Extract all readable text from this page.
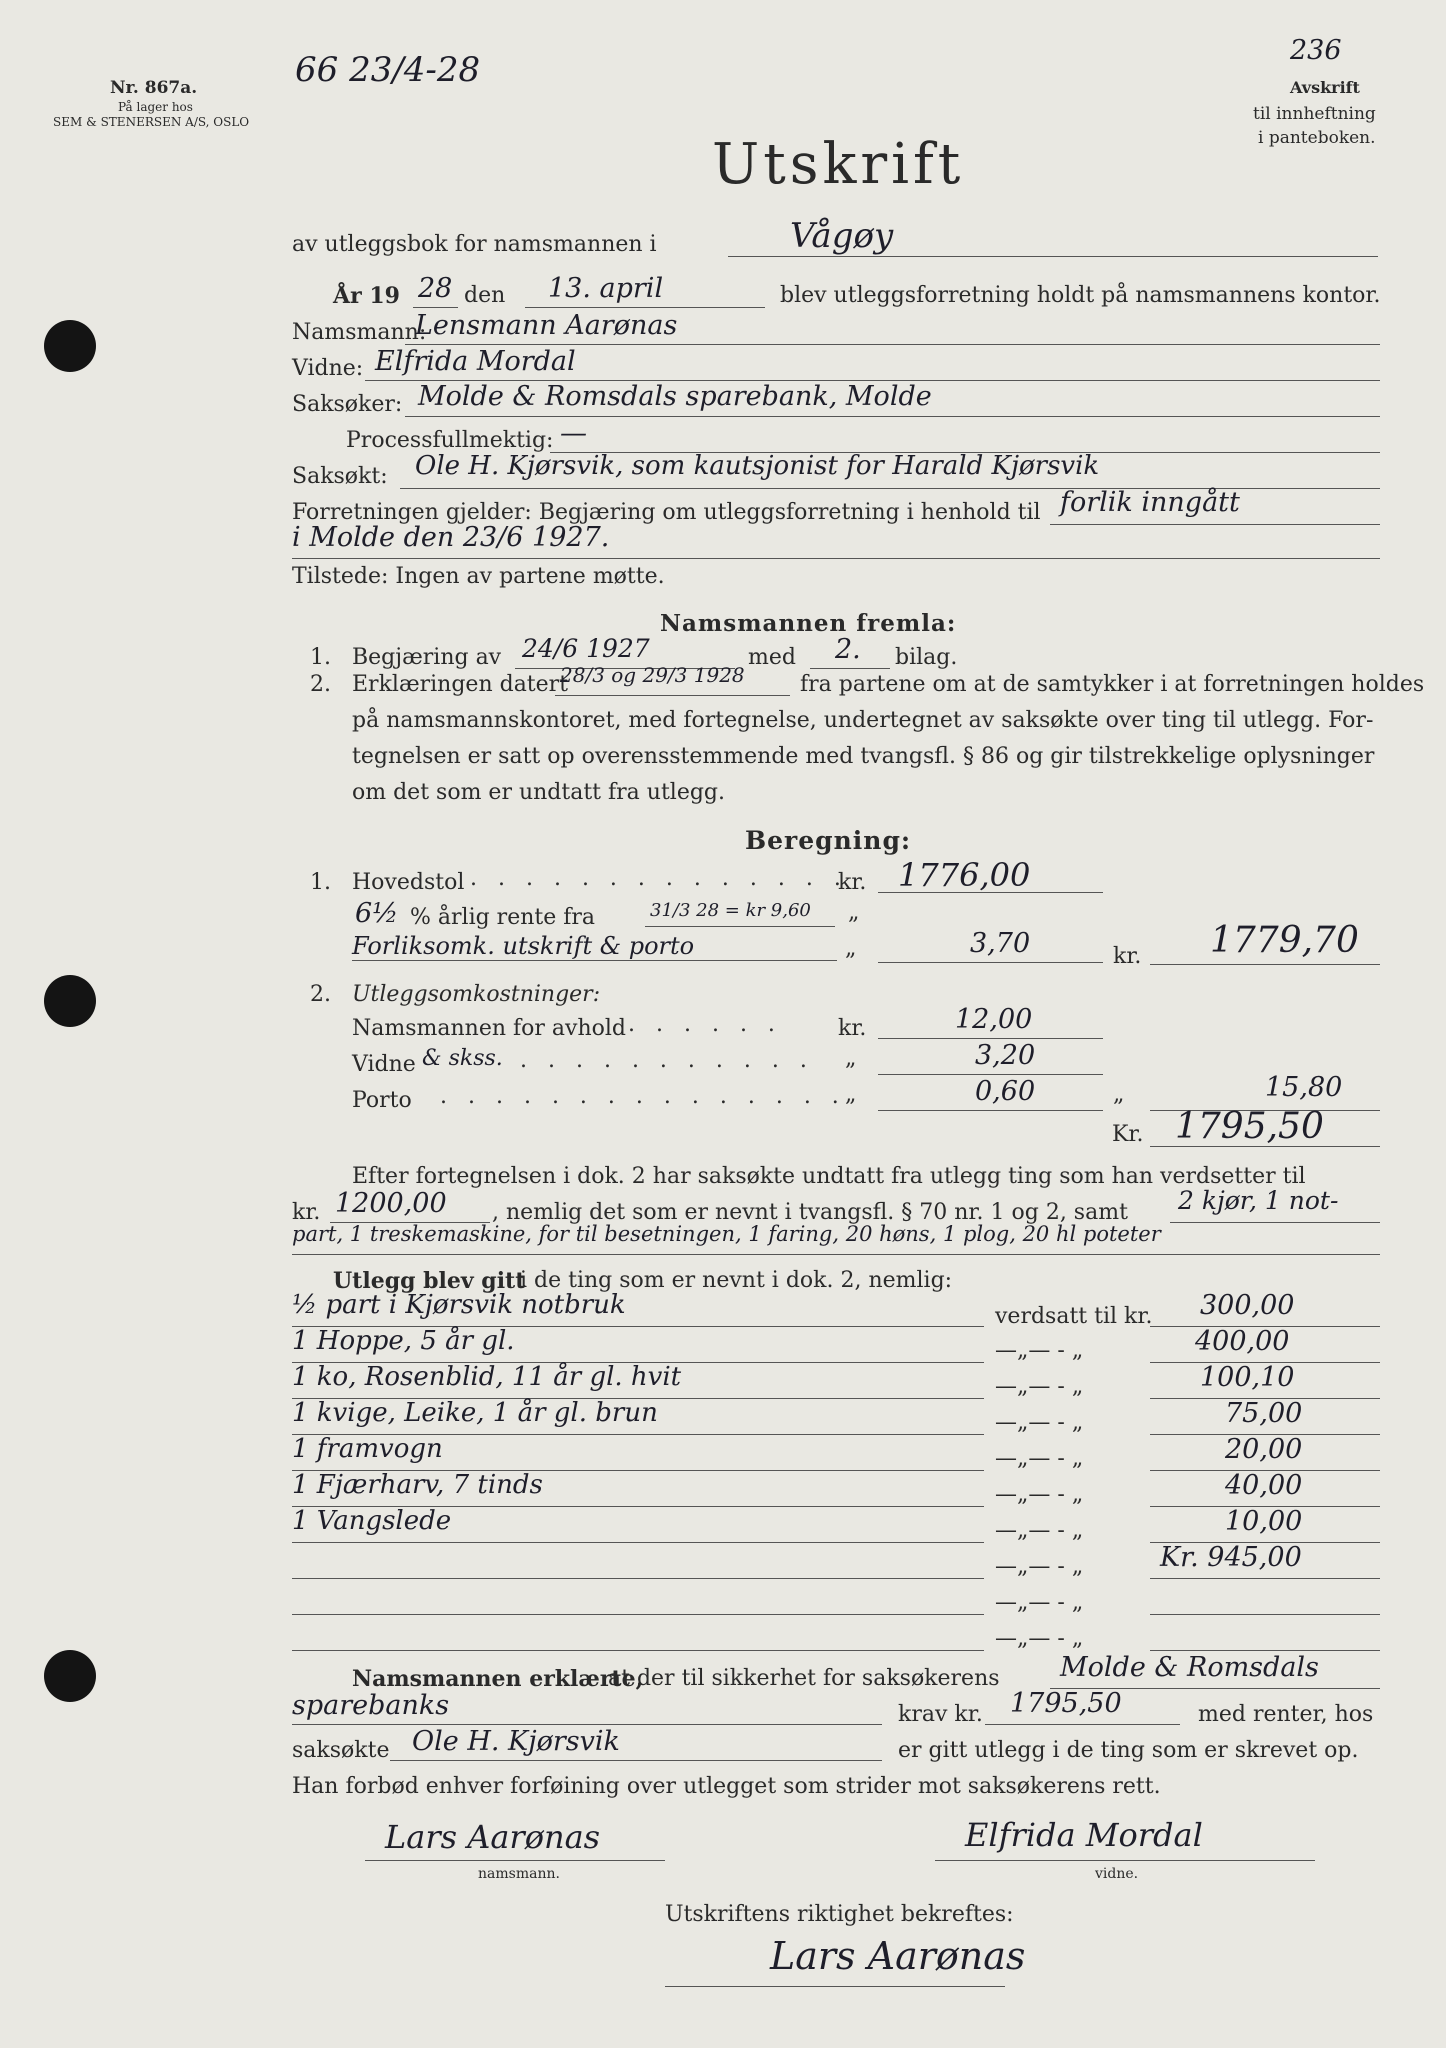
Nr. 867a.
På lager hos
SEM & STENERSEN A/S, OSLO
66 23/4-28	236
Avskrift
til innheftning
i panteboken.
Utskrift
av utleggsbok for namsmannen i	Vågøy
År 19 28 den 13. april	blev utleggsforretning holdt på namsmannens kontor.
Namsmann:
Lensmann Aarønas
Vidne: Elfrida Mordal
Saksøker: Molde & Romsdals sparebank, Molde
Processfullmektig: —
Saksøkt: Ole H. Kjørsvik, som kautsjonist for Harald Kjørsvik
Forretningen gjelder: Begjæring om utleggsforretning i henhold til forlik inngått
i Molde den 23/6 1927.
Tilstede: Ingen av partene møtte.
Namsmannen fremla:
1. Begjæring av 24/6 1927	med 2. bilag.
2. Erklæringen datert
28/3 og 29/3 1928	fra partene om at de samtykker i at forretningen holdes
på namsmannskontoret, med fortegnelse, undertegnet av saksøkte over ting til utlegg. For-
tegnelsen er satt op overensstemmende med tvangsfl. § 86 og gir tilstrekkelige oplysninger
om det som er undtatt fra utlegg.
Beregning:
1. Hovedstol . . . . . . . . . . . . . .
kr. 1776,00
6½ % årlig rente fra	31/3 28 = kr 9,60 „
Forliksomk. utskrift & porto	„	3,70	kr. 1779,70
2. Utleggsomkostninger:
Namsmannen for avhold . . . . . .	kr.	12,00
Vidne & skss. . . . . . . . . . . . „	3,20
Porto . . . . . . . . . . . . . . . „	0,60	„	15,80
Kr. 1795,50
Efter fortegnelsen i dok. 2 har saksøkte undtatt fra utlegg ting som han verdsetter til
kr. 1200,00 , nemlig det som er nevnt i tvangsfl. § 70 nr. 1 og 2, samt 2 kjør, 1 not-
part, 1 treskemaskine, for til besetningen, 1 faring, 20 høns, 1 plog, 20 hl poteter
Utlegg blev gitt
i de ting som er nevnt i dok. 2, nemlig:
½ part i Kjørsvik notbruk	verdsatt til kr. 300,00
1 Hoppe, 5 år gl.	—„— - „	400,00
1 ko, Rosenblid, 11 år gl. hvit	—„— - „	100,10
1 kvige, Leike, 1 år gl. brun	—„— - „	75,00
1 framvogn	—„— - „	20,00
1 Fjærharv, 7 tinds	—„— - „	40,00
1 Vangslede	—„— - „	10,00
—„— - „	Kr. 945,00
—„— - „
—„— - „
Namsmannen erklærte,
at der til sikkerhet for saksøkerens Molde & Romsdals
sparebanks	krav kr. 1795,50	med renter, hos
saksøkte Ole H. Kjørsvik	er gitt utlegg i de ting som er skrevet op.
Han forbød enhver forføining over utlegget som strider mot saksøkerens rett.
Lars Aarønas
namsmann.
Elfrida Mordal
vidne.
Utskriftens riktighet bekreftes:
Lars Aarønas
